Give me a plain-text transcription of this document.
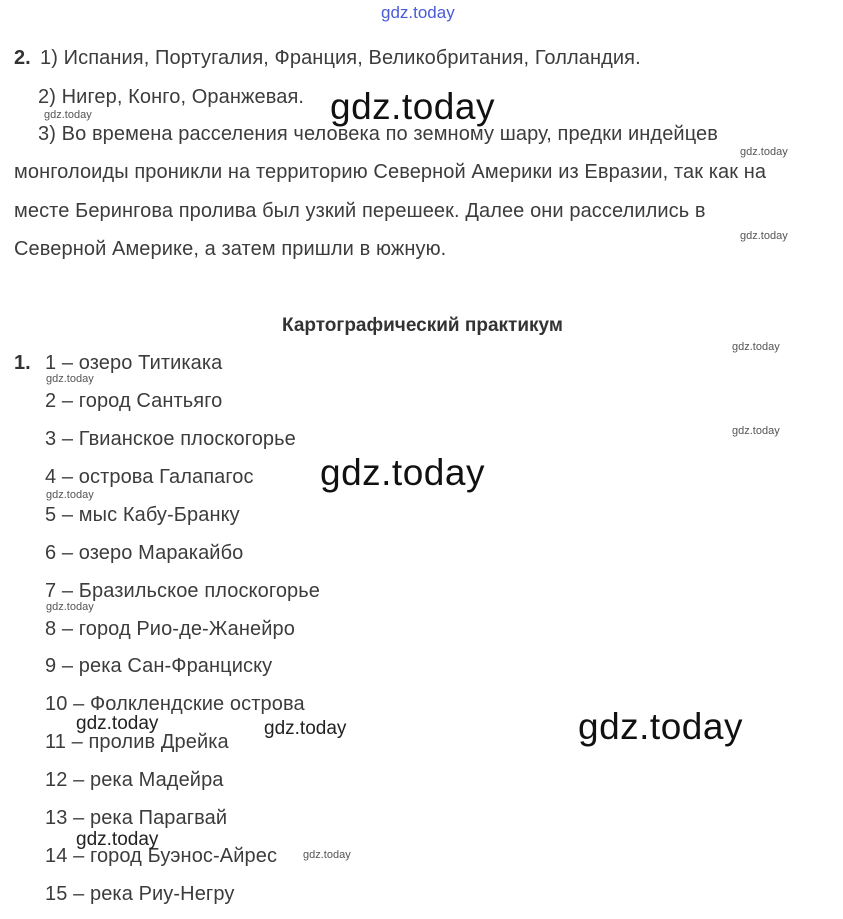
gdz.today
2. 1) Испания, Португалия, Франция, Великобритания, Голландия.
2) Нигер, Конго, Оранжевая.
3) Во времена расселения человека по земному шару, предки индейцев
монголоиды проникли на территорию Северной Америки из Евразии, так как на
месте Берингова пролива был узкий перешеек. Далее они расселились в
Северной Америке, а затем пришли в южную.
gdz.today	gdz.today
gdz.today
gdz.today
Картографический практикум
1. 1 – озеро Титикака
2 – город Сантьяго
3 – Гвианское плоскогорье
4 – острова Галапагос
5 – мыс Кабу-Бранку
6 – озеро Маракайбо
7 – Бразильское плоскогорье
8 – город Рио-де-Жанейро
9 – река Сан-Франциску
10 – Фолклендские острова
11 – пролив Дрейка
12 – река Мадейра
13 – река Парагвай
14 – город Буэнос-Айрес
15 – река Риу-Негру
gdz.today
gdz.today
gdz.today
gdz.today
gdz.today
gdz.today
gdz.today	gdz.today	gdz.today
gdz.today
gdz.today
